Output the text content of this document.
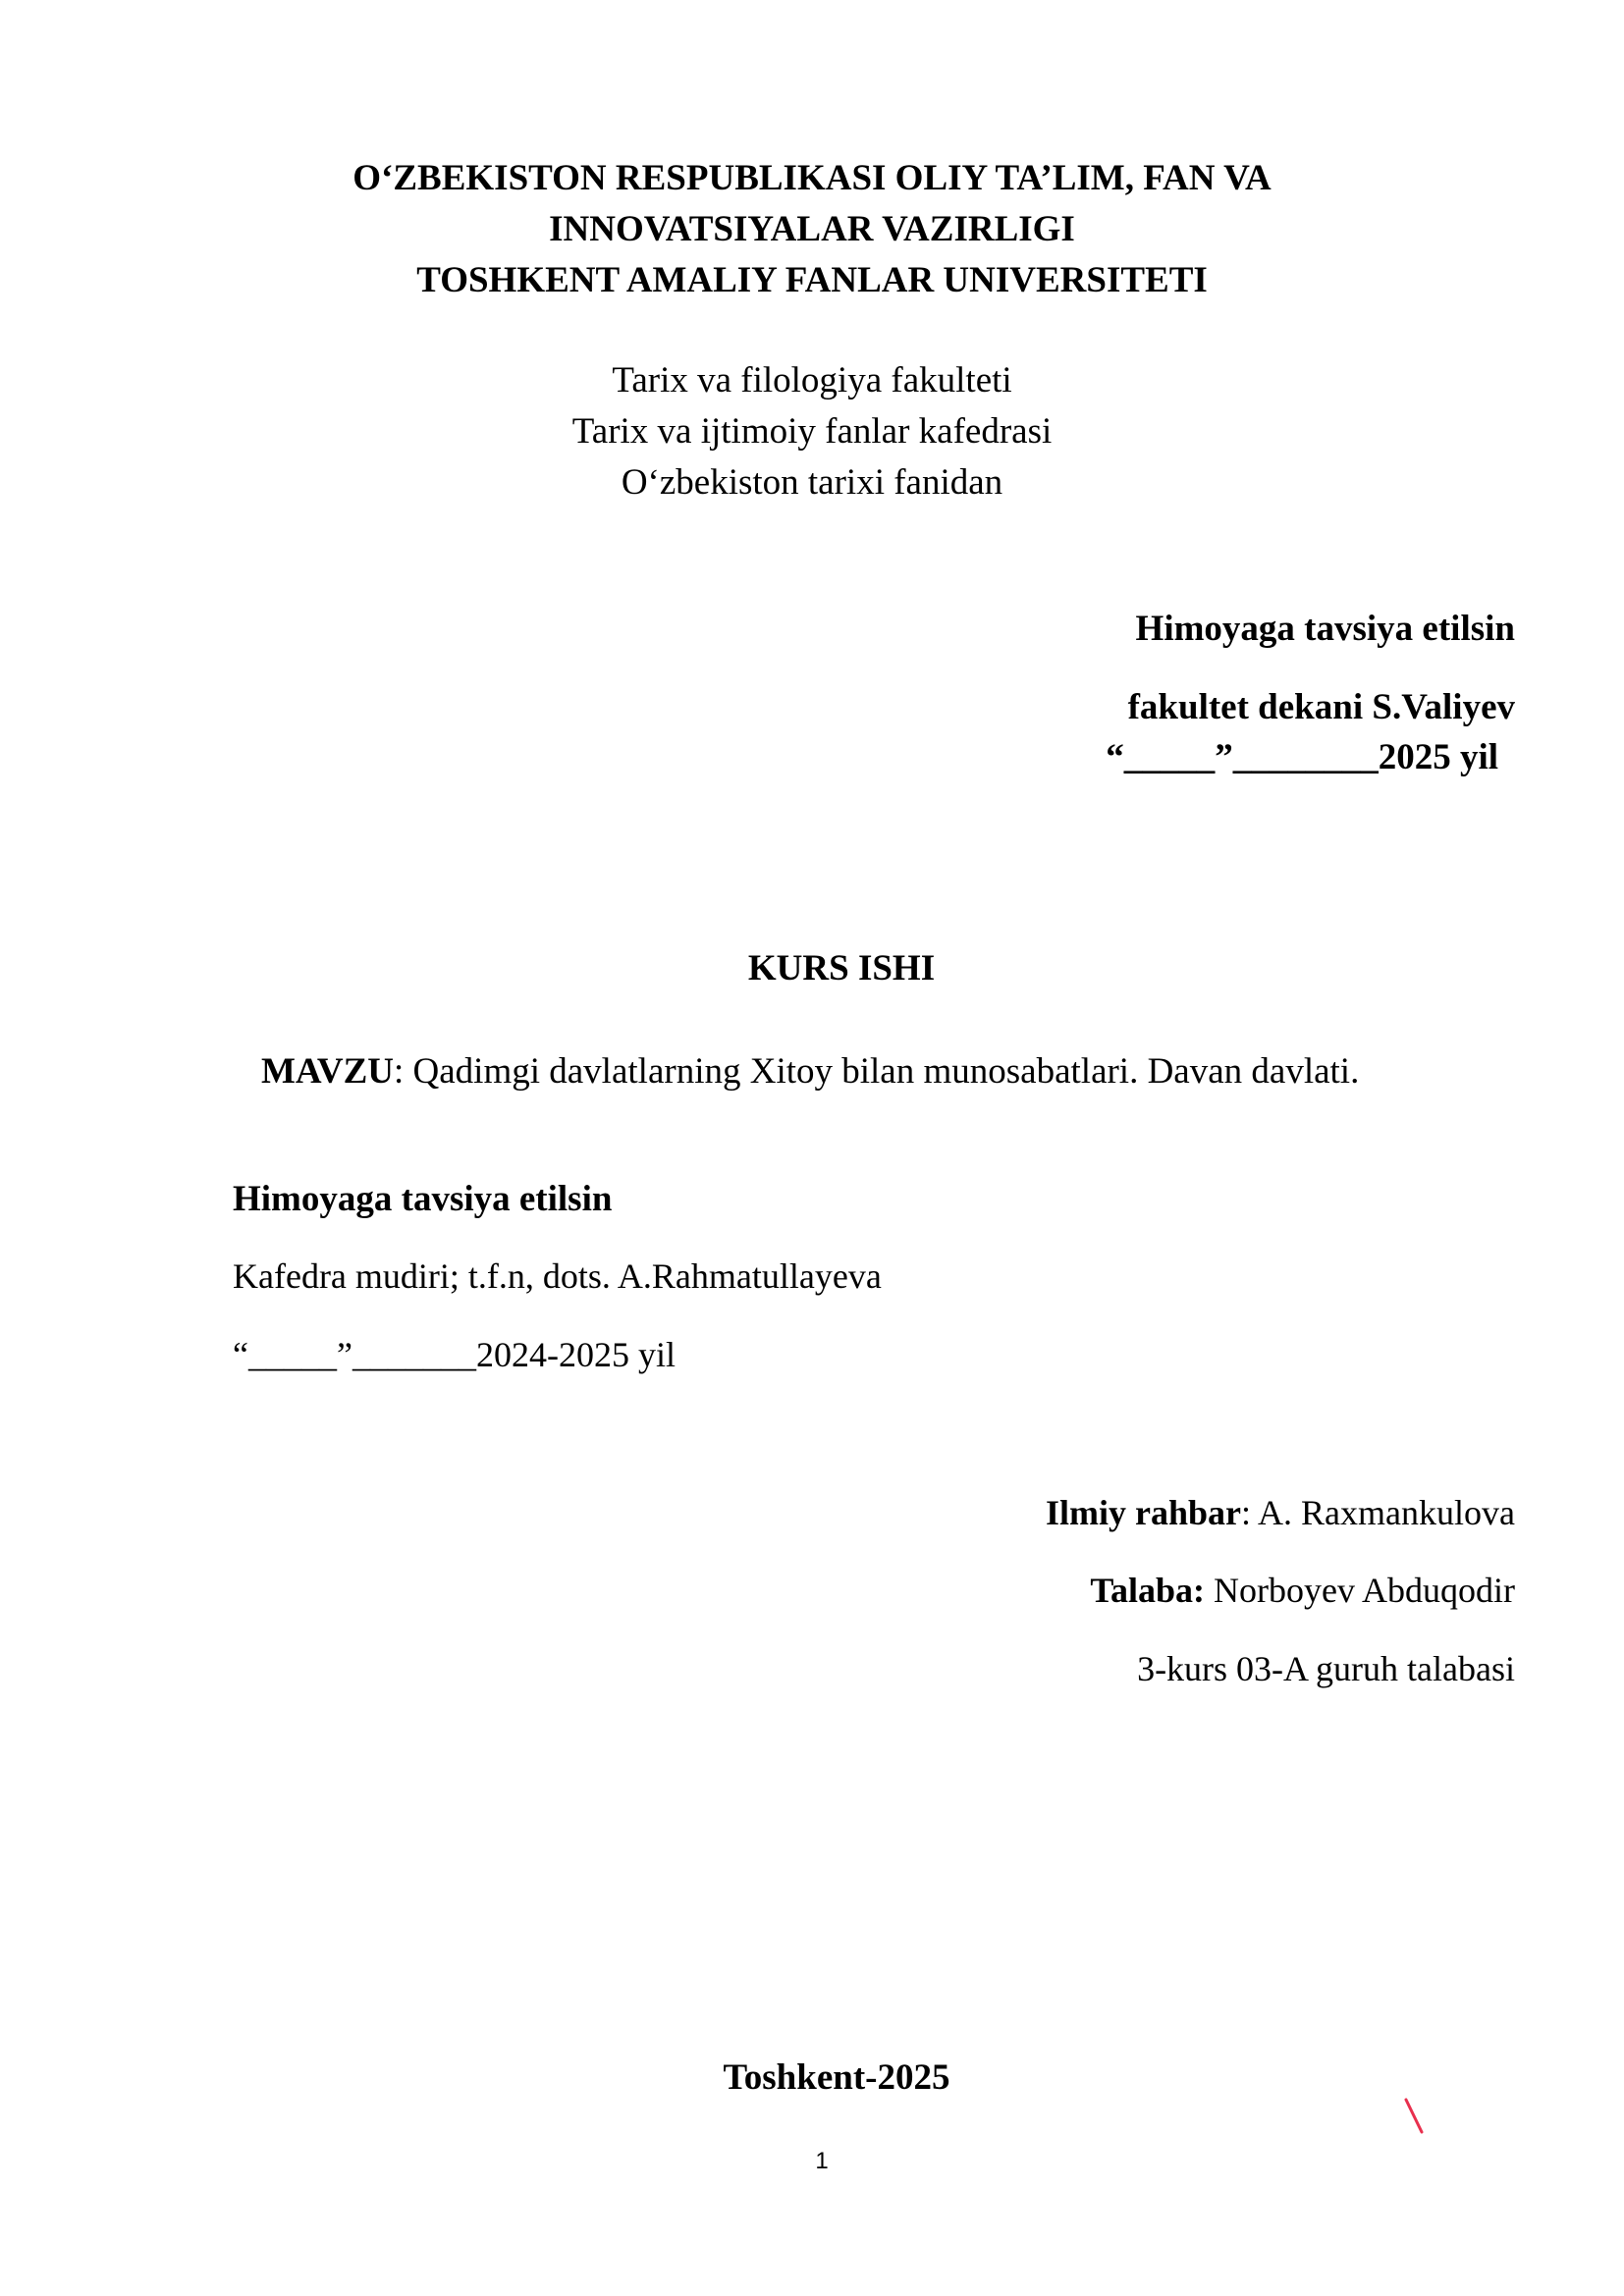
O‘ZBEKISTON RESPUBLIKASI OLIY TA’LIM, FAN VA
INNOVATSIYALAR VAZIRLIGI
TOSHKENT AMALIY FANLAR UNIVERSITETI
Tarix va filologiya fakulteti
Tarix va ijtimoiy fanlar kafedrasi
O‘zbekiston tarixi fanidan
Himoyaga tavsiya etilsin
fakultet dekani S.Valiyev
“_____”________2025 yil
KURS ISHI
MAVZU: Qadimgi davlatlarning Xitoy bilan munosabatlari. Davan davlati.
Himoyaga tavsiya etilsin
Kafedra mudiri; t.f.n, dots. A.Rahmatullayeva
“_____”_______2024-2025 yil
Ilmiy rahbar: A. Raxmankulova
Talaba: Norboyev Abduqodir
3-kurs 03-A guruh talabasi
Toshkent-2025
1
